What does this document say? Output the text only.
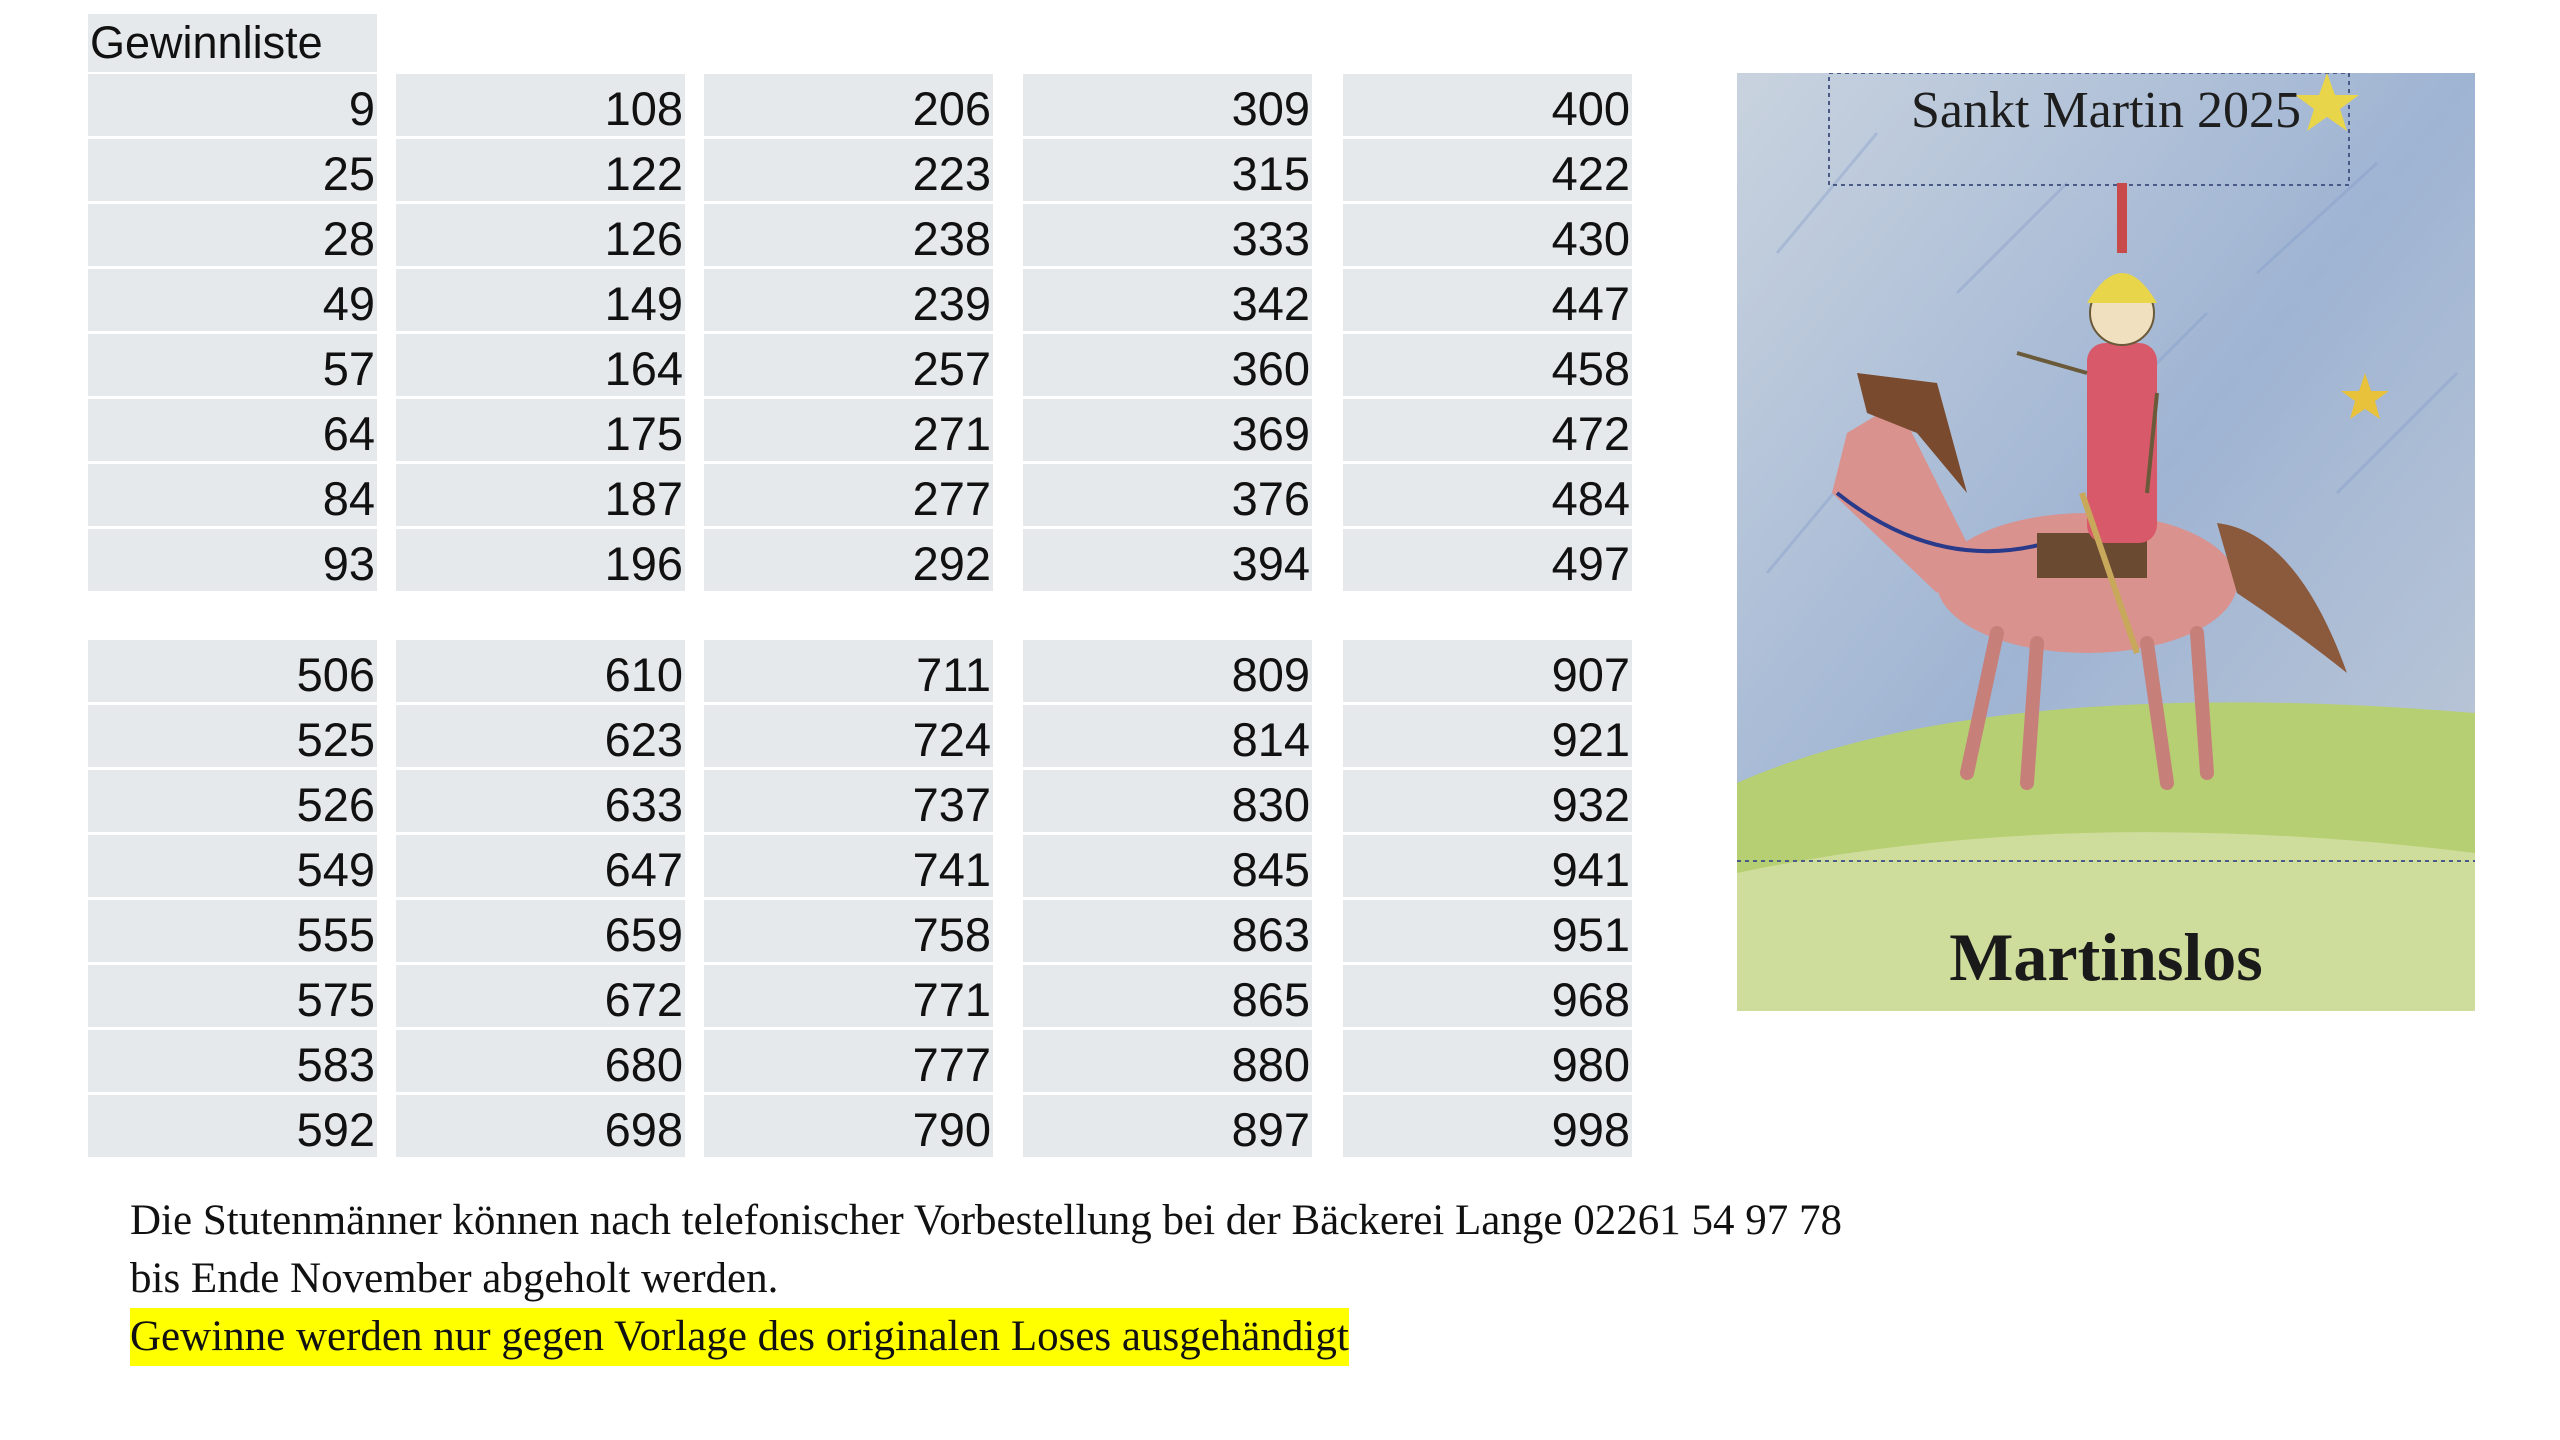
Gewinnliste
9
25
28
49
57
64
84
93
108
122
126
149
164
175
187
196
206
223
238
239
257
271
277
292
309
315
333
342
360
369
376
394
400
422
430
447
458
472
484
497
506
525
526
549
555
575
583
592
610
623
633
647
659
672
680
698
711
724
737
741
758
771
777
790
809
814
830
845
863
865
880
897
907
921
932
941
951
968
980
998
Sankt Martin 2025
Martinslos
Die Stutenmänner können nach telefonischer Vorbestellung bei der Bäckerei Lange 02261 54 97 78
bis Ende November abgeholt werden.
Gewinne werden nur gegen Vorlage des originalen Loses ausgehändigt
